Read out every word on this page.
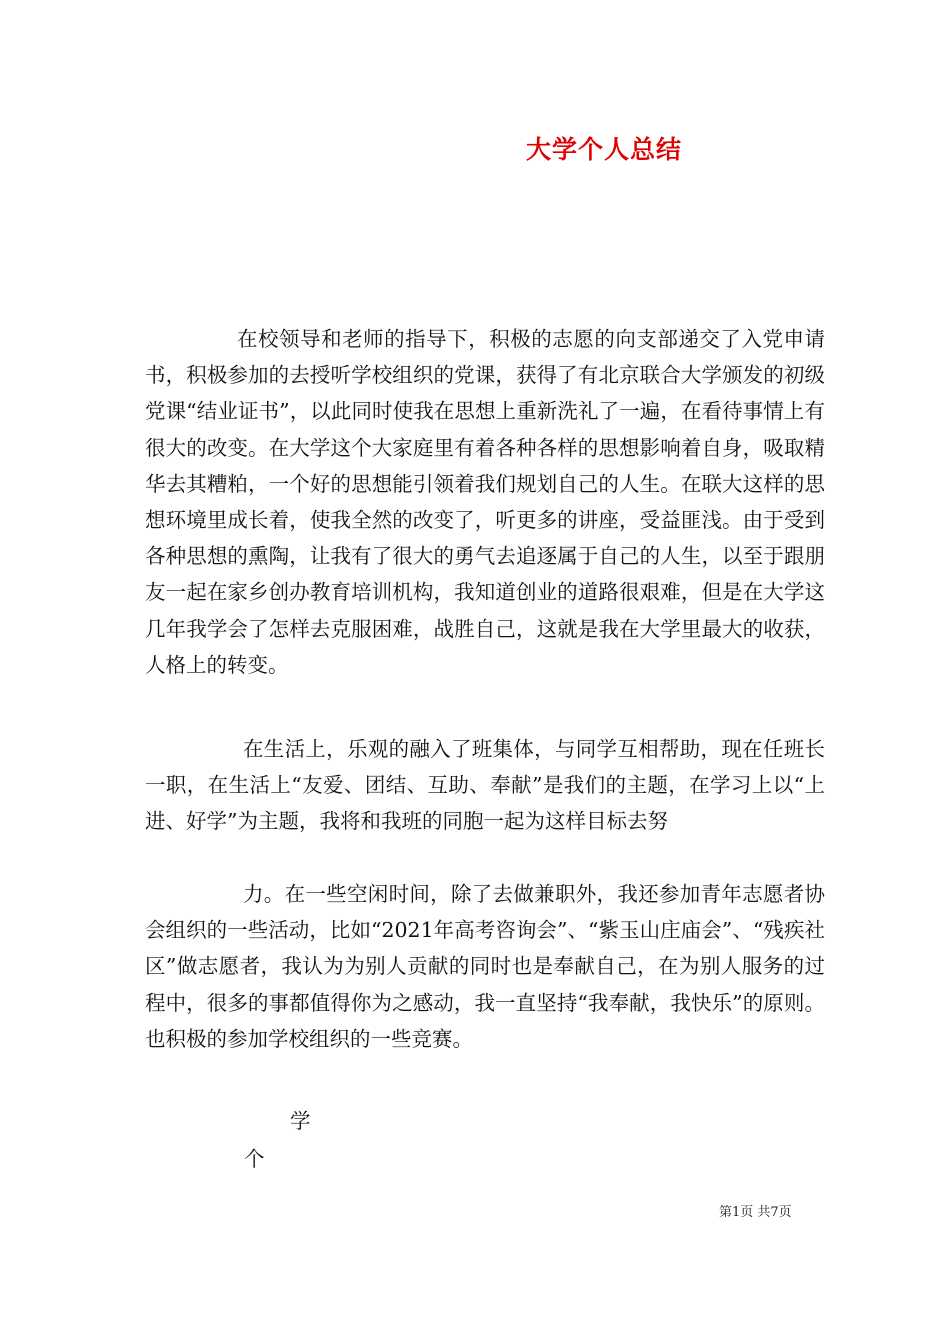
大学个人总结

在校领导和老师的指导下，积极的志愿的向支部递交了入党申请书，积极参加的去授听学校组织的党课，获得了有北京联合大学颁发的初级党课“结业证书”，以此同时使我在思想上重新洗礼了一遍，在看待事情上有很大的改变。在大学这个大家庭里有着各种各样的思想影响着自身，吸取精华去其糟粕，一个好的思想能引领着我们规划自己的人生。在联大这样的思想环境里成长着，使我全然的改变了，听更多的讲座，受益匪浅。由于受到各种思想的熏陶，让我有了很大的勇气去追逐属于自己的人生，以至于跟朋友一起在家乡创办教育培训机构，我知道创业的道路很艰难，但是在大学这几年我学会了怎样去克服困难，战胜自己，这就是我在大学里最大的收获，人格上的转变。

在生活上，乐观的融入了班集体，与同学互相帮助，现在任班长一职，在生活上“友爱、团结、互助、奉献”是我们的主题，在学习上以“上进、好学”为主题，我将和我班的同胞一起为这样目标去努

力。在一些空闲时间，除了去做兼职外，我还参加青年志愿者协会组织的一些活动，比如“2021年高考咨询会”、“紫玉山庄庙会”、“残疾社区”做志愿者，我认为为别人贡献的同时也是奉献自己，在为别人服务的过程中，很多的事都值得你为之感动，我一直坚持“我奉献，我快乐”的原则。也积极的参加学校组织的一些竞赛。

学
个
第1页 共7页
